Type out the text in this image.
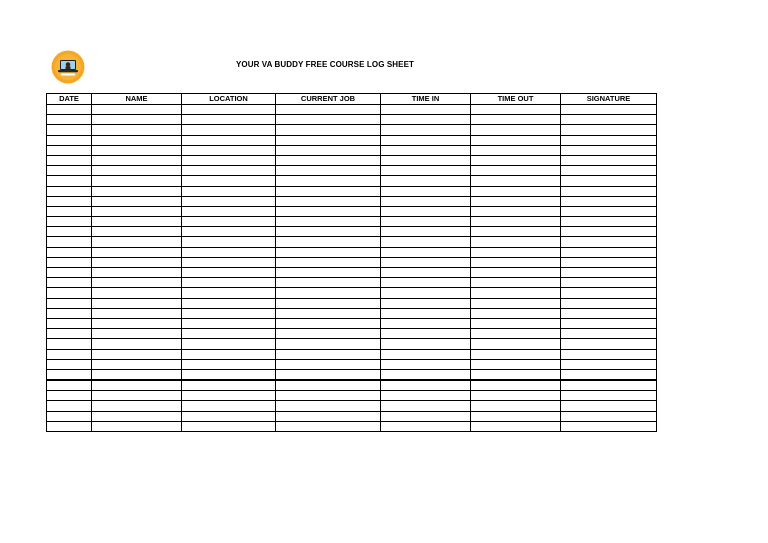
YOUR VA BUDDY FREE COURSE LOG SHEET
DATE	NAME	LOCATION	CURRENT JOB	TIME IN	TIME OUT	SIGNATURE
